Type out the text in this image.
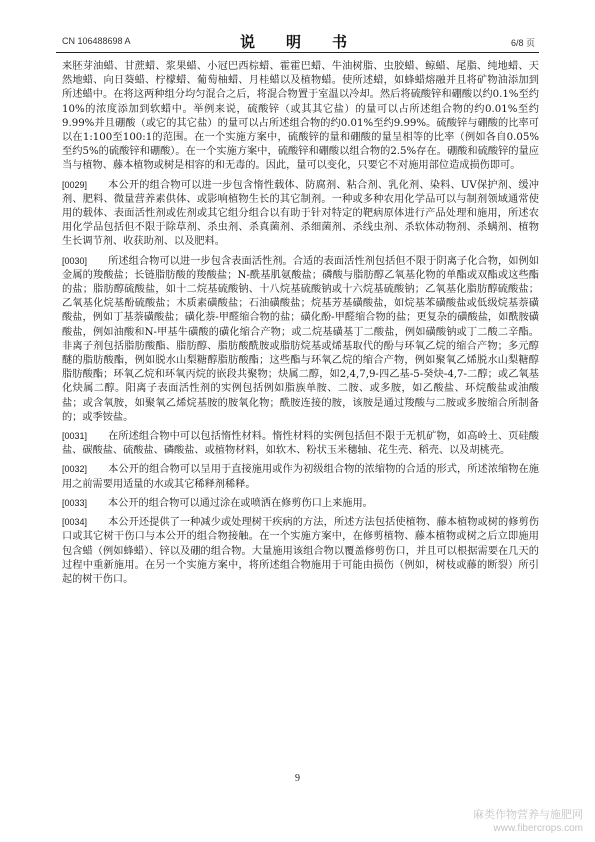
CN 106488698 A	说　明　书	6/8 页

来胚芽油蜡、甘蔗蜡、浆果蜡、小冠巴西棕蜡、霍霍巴蜡、牛油树脂、虫胶蜡、鲸蜡、尾脂、纯地蜡、天然地蜡、向日葵蜡、柠檬蜡、葡萄柚蜡、月桂蜡以及植物蜡。使所述蜡，如蜂蜡熔融并且将矿物油添加到所述蜡中。在将这两种组分均匀混合之后，将混合物置于室温以冷却。然后将硫酸锌和硼酸以约0.1%至约10%的浓度添加到软蜡中。举例来说，硫酸锌（或其其它盐）的量可以占所述组合物的约0.01%至约9.99%并且硼酸（或它的其它盐）的量可以占所述组合物的约0.01%至约9.99%。硫酸锌与硼酸的比率可以在1:100至100:1的范围。在一个实施方案中，硫酸锌的量和硼酸的量呈相等的比率（例如各自0.05%至约5%的硫酸锌和硼酸）。在一个实施方案中，硫酸锌和硼酸以组合物的2.5%存在。硼酸和硫酸锌的量应当与植物、藤本植物或树是相容的和无毒的。因此，量可以变化，只要它不对施用部位造成损伤即可。

[0029] 本公开的组合物可以进一步包含惰性载体、防腐剂、粘合剂、乳化剂、染料、UV保护剂、缓冲剂、肥料、微量营养素供体、或影响植物生长的其它制剂。一种或多种农用化学品可以与制剂领域通常使用的载体、表面活性剂或佐剂或其它组分组合以有助于针对特定的靶病原体进行产品处理和施用，所述农用化学品包括但不限于除草剂、杀虫剂、杀真菌剂、杀细菌剂、杀线虫剂、杀软体动物剂、杀螨剂、植物生长调节剂、收获助剂、以及肥料。

[0030] 所述组合物可以进一步包含表面活性剂。合适的表面活性剂包括但不限于阴离子化合物，如例如金属的羧酸盐；长链脂肪酸的羧酸盐；N-酰基肌氨酸盐；磷酸与脂肪醇乙氧基化物的单酯或双酯或这些酯的盐；脂肪醇硫酸盐，如十二烷基硫酸钠、十八烷基硫酸钠或十六烷基硫酸钠；乙氧基化脂肪醇硫酸盐；乙氧基化烷基酚硫酸盐；木质素磺酸盐；石油磺酸盐；烷基芳基磺酸盐，如烷基苯磺酸盐或低级烷基萘磺酸盐，例如丁基萘磺酸盐；磺化萘-甲醛缩合物的盐；磺化酚-甲醛缩合物的盐；更复杂的磺酸盐，如酰胺磺酸盐，例如油酸和N-甲基牛磺酸的磺化缩合产物；或二烷基磺基丁二酸盐，例如磺酸钠或丁二酸二辛酯。非离子剂包括脂肪酸酯、脂肪醇、脂肪酸酰胺或脂肪烷基或烯基取代的酚与环氧乙烷的缩合产物；多元醇醚的脂肪酸酯，例如脱水山梨糖醇脂肪酸酯；这些酯与环氧乙烷的缩合产物，例如聚氧乙烯脱水山梨糖醇脂肪酸酯；环氧乙烷和环氧丙烷的嵌段共聚物；炔属二醇，如2,4,7,9-四乙基-5-癸炔-4,7-二醇；或乙氧基化炔属二醇。阳离子表面活性剂的实例包括例如脂族单胺、二胺、或多胺，如乙酸盐、环烷酸盐或油酸盐；或含氧胺，如聚氧乙烯烷基胺的胺氧化物；酰胺连接的胺，该胺是通过羧酸与二胺或多胺缩合所制备的；或季铵盐。

[0031] 在所述组合物中可以包括惰性材料。惰性材料的实例包括但不限于无机矿物，如高岭土、页硅酸盐、碳酸盐、硫酸盐、磷酸盐、或植物材料，如软木、粉状玉米穗轴、花生壳、稻壳、以及胡桃壳。

[0032] 本公开的组合物可以呈用于直接施用或作为初级组合物的浓缩物的合适的形式，所述浓缩物在施用之前需要用适量的水或其它稀释剂稀释。

[0033] 本公开的组合物可以通过涂在或喷洒在修剪伤口上来施用。

[0034] 本公开还提供了一种减少或处理树干疾病的方法，所述方法包括使植物、藤本植物或树的修剪伤口或其它树干伤口与本公开的组合物接触。在一个实施方案中，在修剪植物、藤本植物或树之后立即施用包含蜡（例如蜂蜡）、锌以及硼的组合物。大量施用该组合物以覆盖修剪伤口，并且可以根据需要在几天的过程中重新施用。在另一个实施方案中，将所述组合物施用于可能由损伤（例如，树枝或藤的断裂）所引起的树干伤口。

9
麻类作物营养与施肥网
www.fibercrops.com
